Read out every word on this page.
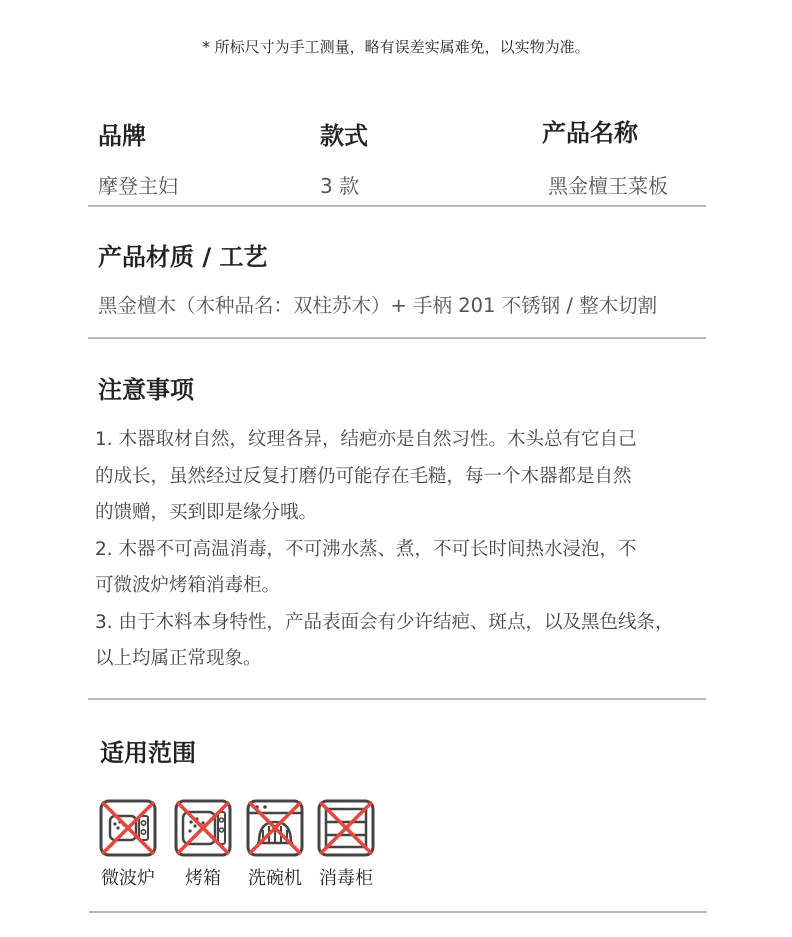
* 所标尺寸为手工测量，略有误差实属难免，以实物为准。
品牌
摩登主妇
款式
3 款
产品名称
黑金檀王菜板
产品材质 / 工艺
黑金檀木（木种品名：双柱苏木）+ 手柄 201 不锈钢 / 整木切割
注意事项
1. 木器取材自然，纹理各异，结疤亦是自然习性。木头总有它自己
的成长，虽然经过反复打磨仍可能存在毛糙，每一个木器都是自然
的馈赠，买到即是缘分哦。
2. 木器不可高温消毒，不可沸水蒸、煮，不可长时间热水浸泡，不
可微波炉烤箱消毒柜。
3. 由于木料本身特性，产品表面会有少许结疤、斑点，以及黑色线条，
以上均属正常现象。
适用范围
微波炉	烤箱	洗碗机 消毒柜
